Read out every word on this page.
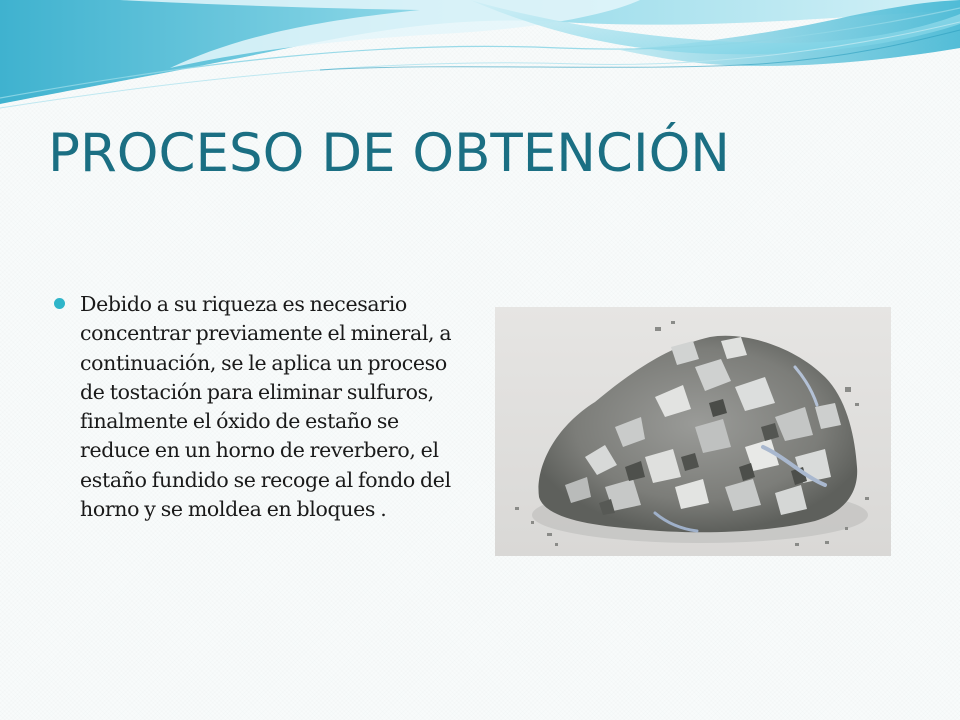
PROCESO DE OBTENCIÓN
Debido a su riqueza es necesario concentrar previamente el mineral, a continuación, se le aplica un proceso de tostación para eliminar sulfuros, finalmente el óxido de estaño se reduce en un horno de reverbero, el estaño fundido se recoge al fondo del horno y se moldea en bloques .
